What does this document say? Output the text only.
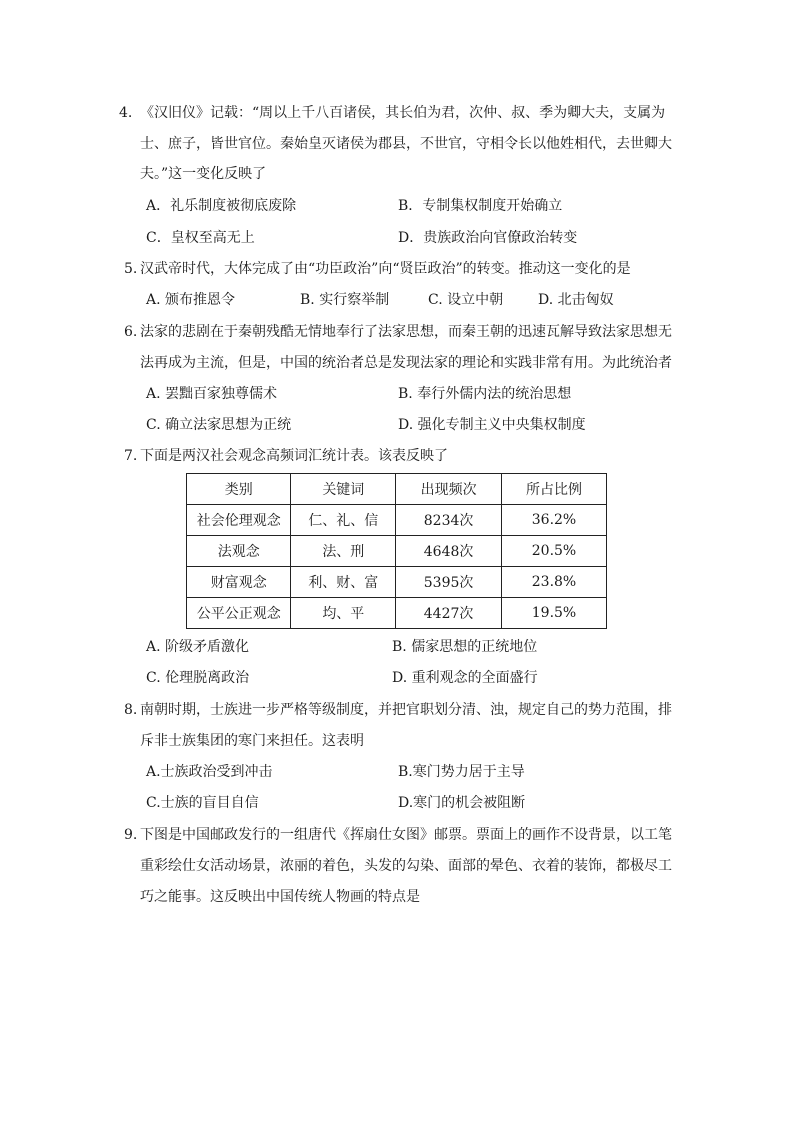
4. 《汉旧仪》记载：“周以上千八百诸侯，其长伯为君，次仲、叔、季为卿大夫，支属为
士、庶子，皆世官位。秦始皇灭诸侯为郡县，不世官，守相令长以他姓相代，去世卿大
夫。”这一变化反映了
A．礼乐制度被彻底废除	B．专制集权制度开始确立
C．皇权至高无上	D．贵族政治向官僚政治转变
5. 汉武帝时代，大体完成了由“功臣政治”向“贤臣政治”的转变。推动这一变化的是
A. 颁布推恩令	B. 实行察举制	C. 设立中朝 D. 北击匈奴
6. 法家的悲剧在于秦朝残酷无情地奉行了法家思想，而秦王朝的迅速瓦解导致法家思想无
法再成为主流，但是，中国的统治者总是发现法家的理论和实践非常有用。为此统治者
A. 罢黜百家独尊儒术	B. 奉行外儒内法的统治思想
C. 确立法家思想为正统	D. 强化专制主义中央集权制度
7. 下面是两汉社会观念高频词汇统计表。该表反映了
类别	关键词	出现频次	所占比例
社会伦理观念	仁、礼、信	8234次	36.2%
法观念	法、刑	4648次	20.5%
财富观念	利、财、富	5395次	23.8%
公平公正观念	均、平	4427次	19.5%
A. 阶级矛盾激化	B. 儒家思想的正统地位
C. 伦理脱离政治	D. 重利观念的全面盛行
8. 南朝时期，士族进一步严格等级制度，并把官职划分清、浊，规定自己的势力范围，排
斥非士族集团的寒门来担任。这表明
A.士族政治受到冲击	B.寒门势力居于主导
C.士族的盲目自信	D.寒门的机会被阻断
9. 下图是中国邮政发行的一组唐代《挥扇仕女图》邮票。票面上的画作不设背景，以工笔
重彩绘仕女活动场景，浓丽的着色，头发的勾染、面部的晕色、衣着的装饰，都极尽工
巧之能事。这反映出中国传统人物画的特点是
